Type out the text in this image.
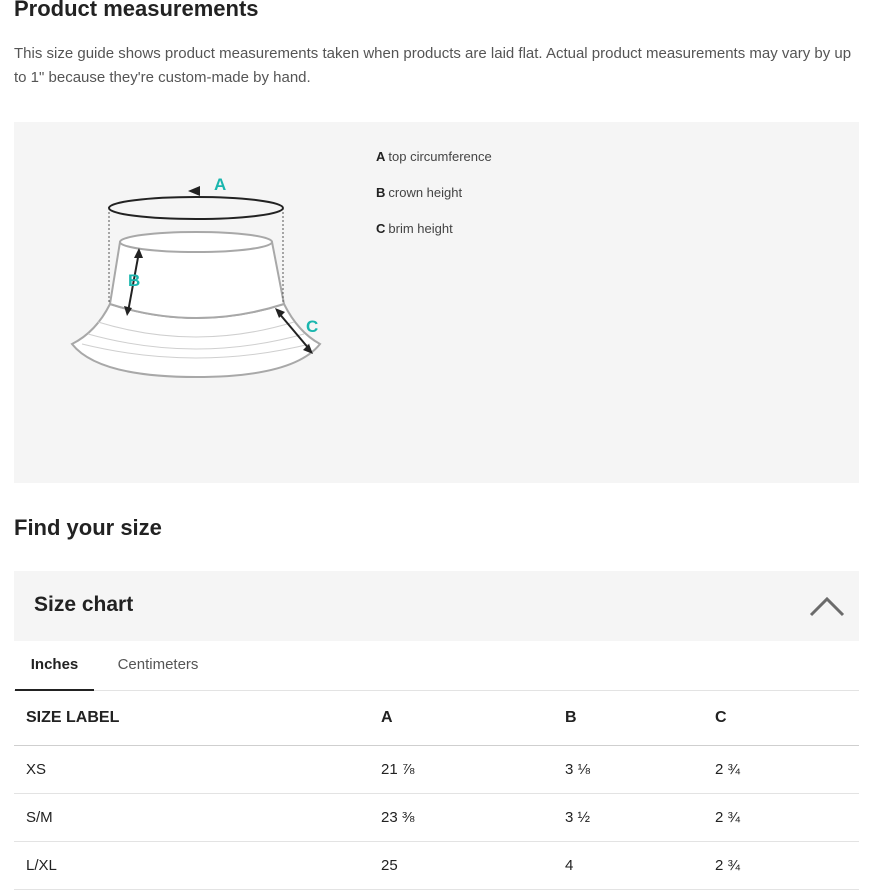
Product measurements

This size guide shows product measurements taken when products are laid flat. Actual product measurements may vary by up to 1" because they're custom-made by hand.

A
B
C
A top circumference
B crown height
C brim height
Find your size
Size chart
Inches	Centimeters
SIZE LABEL	A	B	C
XS	21 ⅞	3 ⅛	2 ¾
S/M	23 ⅜	3 ½	2 ¾
L/XL	25	4	2 ¾
